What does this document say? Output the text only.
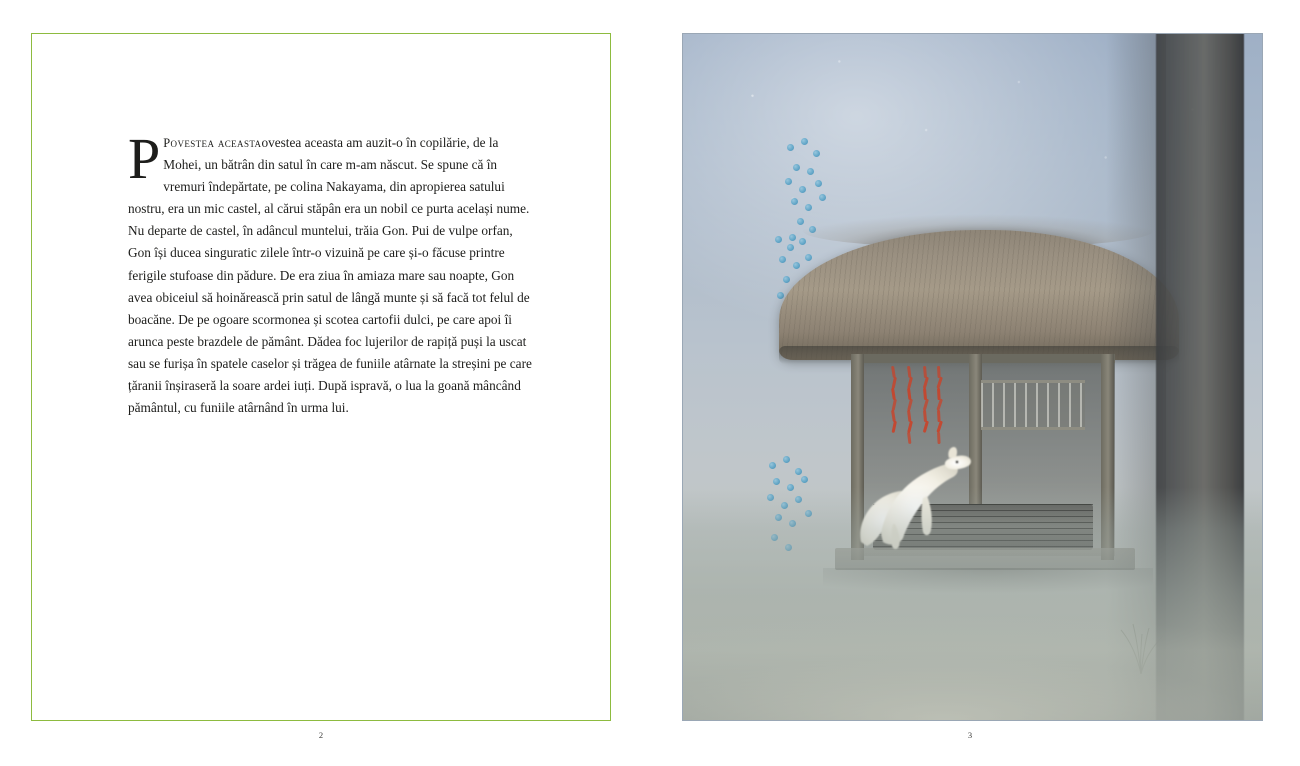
P Povestea aceastaovestea aceasta am auzit-o în copilărie, de la Mohei, un bătrân din satul în care m-am născut. Se spune că în vremuri îndepărtate, pe colina Nakayama, din apropierea satului nostru, era un mic castel, al cărui stăpân era un nobil ce purta același nume. Nu departe de castel, în adâncul muntelui, trăia Gon. Pui de vulpe orfan, Gon își ducea singuratic zilele într-o vizuină pe care și-o făcuse printre ferigile stufoase din pădure. De era ziua în amiaza mare sau noapte, Gon avea obiceiul să hoinărească prin satul de lângă munte și să facă tot felul de boacăne. De pe ogoare scormonea și scotea cartofii dulci, pe care apoi îi arunca peste brazdele de pământ. Dădea foc lujerilor de rapiță puși la uscat sau se furișa în spatele caselor și trăgea de funiile atârnate la streșini pe care țăranii înșiraseră la soare ardei iuți. După ispravă, o lua la goană mâncând pământul, cu funiile atârnând în urma lui.
2	3
